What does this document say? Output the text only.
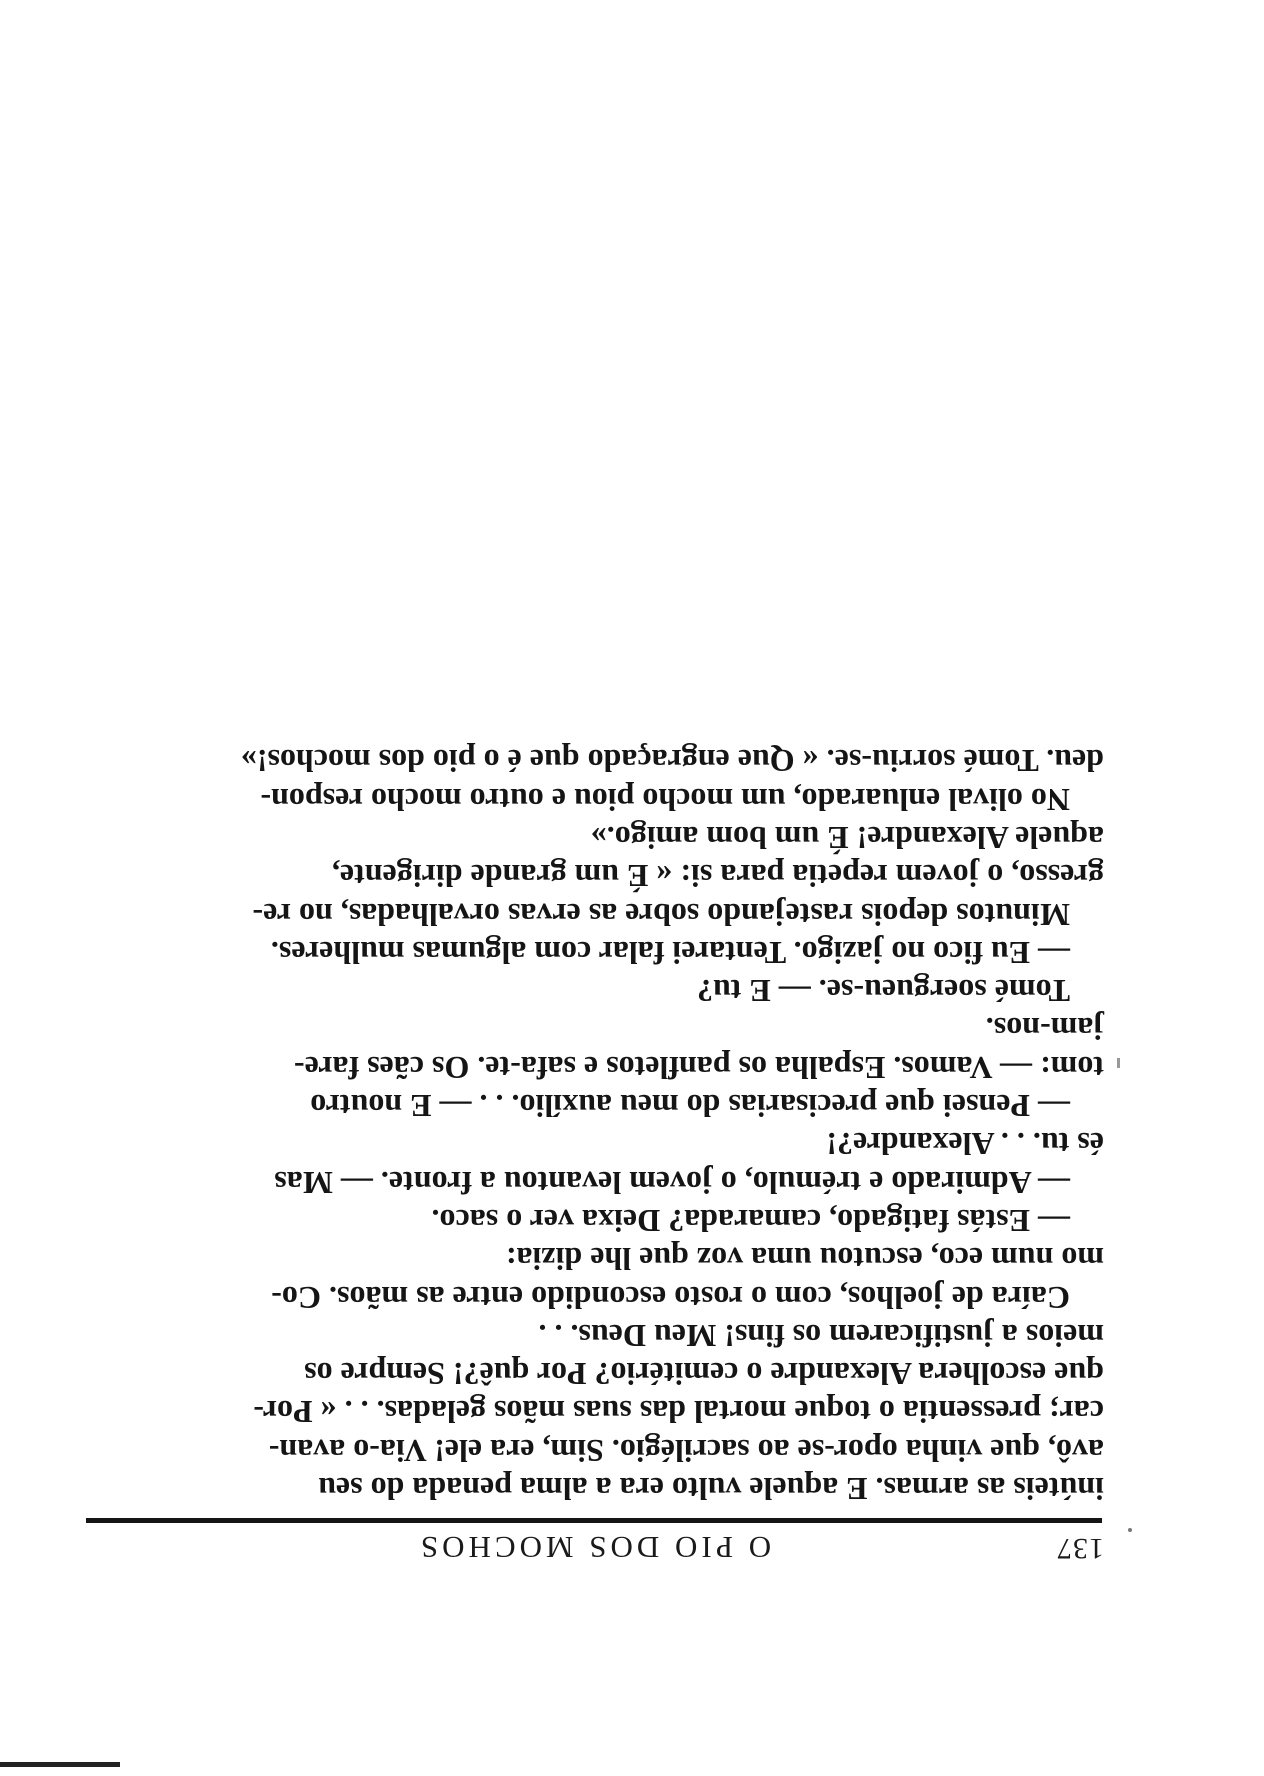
137
O PIO DOS MOCHOS
inúteis as armas. E aquele vulto era a alma penada do seu
avô, que vinha opor-se ao sacrilégio. Sim, era ele! Via-o avan-
car; pressentia o toque mortal das suas mãos geladas. . . « Por-
que escolhera Alexandre o cemitério? Por quê?! Sempre os
meios a justificarem os fins! Meu Deus. . .
Caíra de joelhos, com o rosto escondido entre as mãos. Co-
mo num eco, escutou uma voz que lhe dizia:
— Estás fatigado, camarada? Deixa ver o saco.
— Admirado e trémulo, o jovem levantou a fronte. — Mas
és tu. . . Alexandre?!
— Pensei que precisarias do meu auxílio. . . — E noutro
tom: — Vamos. Espalha os panfletos e safa-te. Os cães fare-
jam-nos.
Tomé soergueu-se. — E tu?
— Eu fico no jazigo. Tentarei falar com algumas mulheres.
Minutos depois rastejando sobre as ervas orvalhadas, no re-
gresso, o jovem repetia para si: « É um grande dirigente,
aquele Alexandre! É um bom amigo.»
No olival enluarado, um mocho piou e outro mocho respon-
deu. Tomé sorriu-se. « Que engraçado que é o pio dos mochos!»
